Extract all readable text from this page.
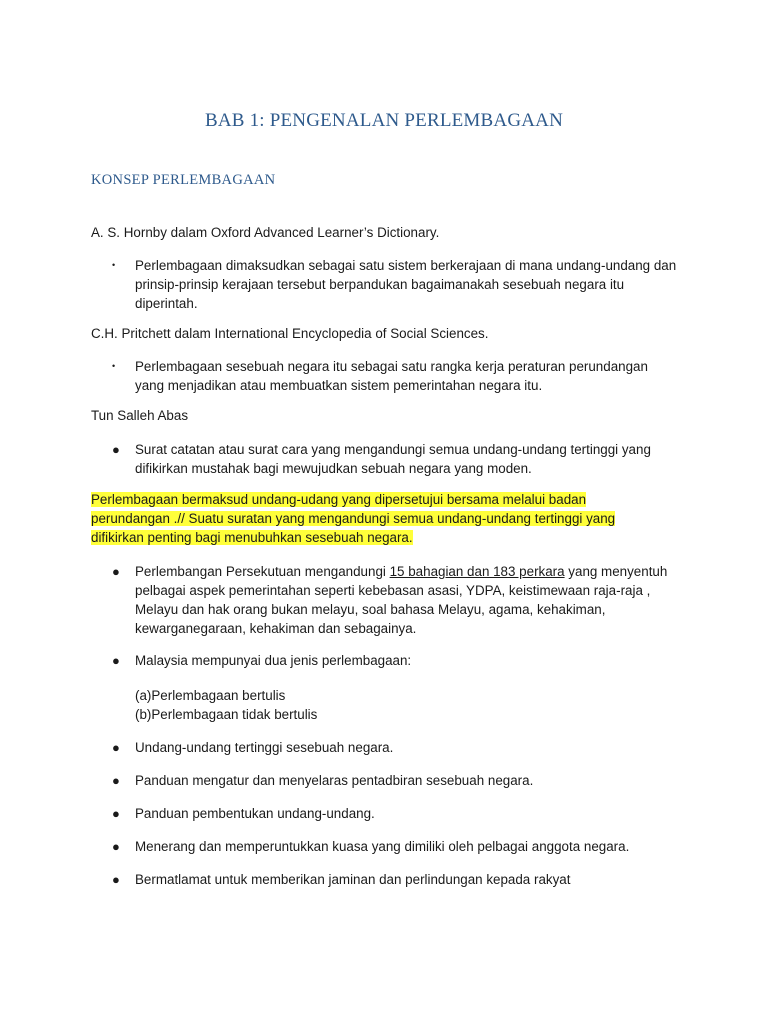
BAB 1: PENGENALAN PERLEMBAGAAN
KONSEP PERLEMBAGAAN
A. S. Hornby dalam Oxford Advanced Learner’s Dictionary.
•	Perlembagaan dimaksudkan sebagai satu sistem berkerajaan di mana undang-undang dan prinsip-prinsip kerajaan tersebut berpandukan bagaimanakah sesebuah negara itu diperintah.
C.H. Pritchett dalam International Encyclopedia of Social Sciences.
•	Perlembagaan sesebuah negara itu sebagai satu rangka kerja peraturan perundangan yang menjadikan atau membuatkan sistem pemerintahan negara itu.
Tun Salleh Abas
●	Surat catatan atau surat cara yang mengandungi semua undang-undang tertinggi yang difikirkan mustahak bagi mewujudkan sebuah negara yang moden.
Perlembagaan bermaksud undang-udang yang dipersetujui bersama melalui badan
perundangan .// Suatu suratan yang mengandungi semua undang-undang tertinggi yang
difikirkan penting bagi menubuhkan sesebuah negara.
●	Perlembangan Persekutuan mengandungi 15 bahagian dan 183 perkara yang menyentuh pelbagai aspek pemerintahan seperti kebebasan asasi, YDPA, keistimewaan raja-raja , Melayu dan hak orang bukan melayu, soal bahasa Melayu, agama, kehakiman, kewarganegaraan, kehakiman dan sebagainya.
●	Malaysia mempunyai dua jenis perlembagaan:
(a)Perlembagaan bertulis
(b)Perlembagaan tidak bertulis
●	Undang-undang tertinggi sesebuah negara.
●	Panduan mengatur dan menyelaras pentadbiran sesebuah negara.
●	Panduan pembentukan undang-undang.
●	Menerang dan memperuntukkan kuasa yang dimiliki oleh pelbagai anggota negara.
●	Bermatlamat untuk memberikan jaminan dan perlindungan kepada rakyat
